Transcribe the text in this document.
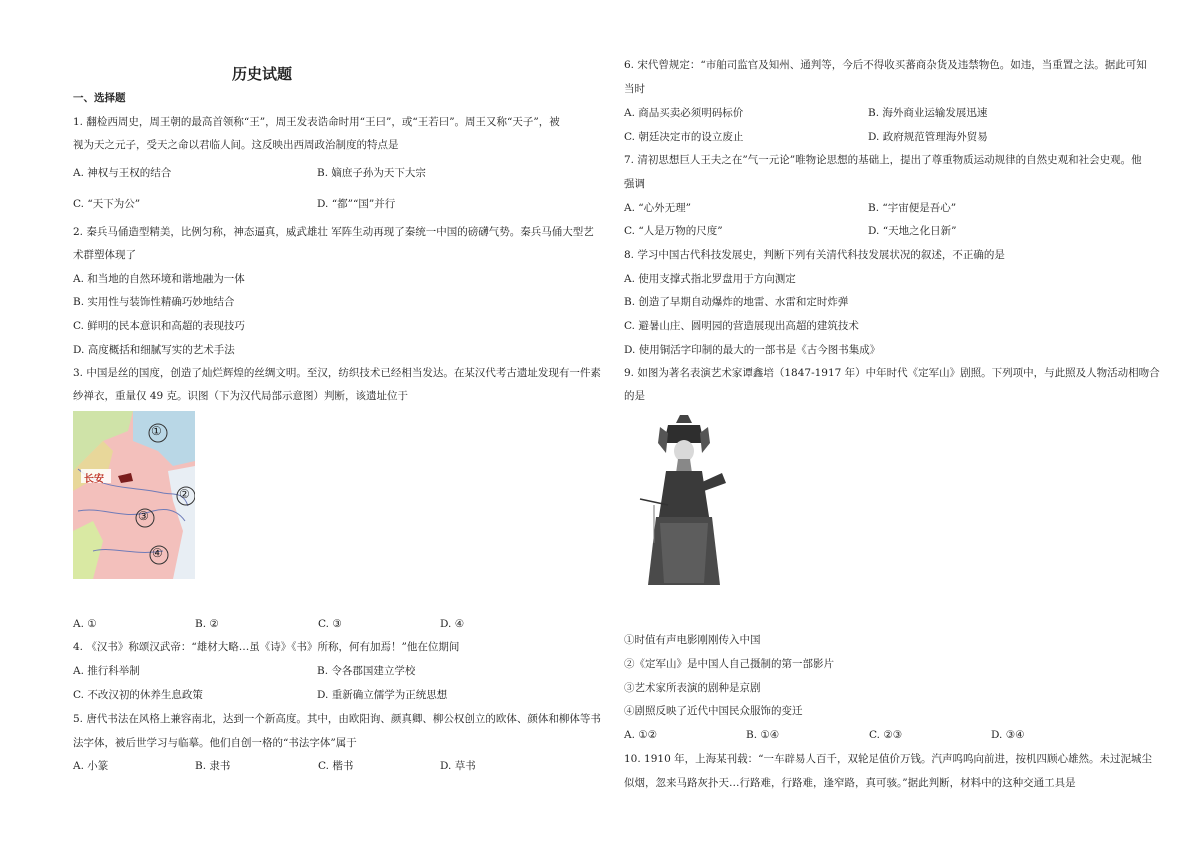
历史试题
一、选择题
1. 翻检西周史，周王朝的最高首领称“王”，周王发表诰命时用“王曰”，或“王若曰”。周王又称“天子”，被
视为天之元子，受天之命以君临人间。这反映出西周政治制度的特点是
A. 神权与王权的结合	B. 嫡庶子孙为天下大宗
C. “天下为公”	D. “都”“国”并行
2. 秦兵马俑造型精美，比例匀称，神态逼真，威武雄壮 军阵生动再现了秦统一中国的磅礴气势。秦兵马俑大型艺
术群塑体现了
A. 和当地的自然环境和谐地融为一体
B. 实用性与装饰性精确巧妙地结合
C. 鲜明的民本意识和高超的表现技巧
D. 高度概括和细腻写实的艺术手法
3. 中国是丝的国度，创造了灿烂辉煌的丝绸文明。至汉，纺织技术已经相当发达。在某汉代考古遗址发现有一件素
纱禅衣，重量仅 49 克。识图（下为汉代局部示意图）判断，该遗址位于
长安
①
②
③
④
A. ①	B. ②	C. ③	D. ④
4. 《汉书》称颂汉武帝：“雄材大略…虽《诗》《书》所称，何有加焉！”他在位期间
A. 推行科举制	B. 令各郡国建立学校
C. 不改汉初的休养生息政策	D. 重新确立儒学为正统思想
5. 唐代书法在风格上兼容南北，达到一个新高度。其中，由欧阳询、颜真卿、柳公权创立的欧体、颜体和柳体等书
法字体，被后世学习与临摹。他们自创一格的“书法字体”属于
A. 小篆	B. 隶书	C. 楷书	D. 草书
6. 宋代曾规定：“市舶司监官及知州、通判等，今后不得收买蕃商杂货及违禁物色。如违，当重置之法。据此可知
当时
A. 商品买卖必须明码标价	B. 海外商业运输发展迅速
C. 朝廷决定市的设立废止	D. 政府规范管理海外贸易
7. 清初思想巨人王夫之在”气一元论”唯物论思想的基础上，提出了尊重物质运动规律的自然史观和社会史观。他
强调
A. “心外无理”	B. “宇宙便是吾心”
C. “人是万物的尺度”	D. “天地之化日新”
8. 学习中国古代科技发展史，判断下列有关清代科技发展状况的叙述，不正确的是
A. 使用支撑式指北罗盘用于方向测定
B. 创造了早期自动爆炸的地雷、水雷和定时炸弹
C. 避暑山庄、圆明园的营造展现出高超的建筑技术
D. 使用铜活字印制的最大的一部书是《古今图书集成》
9. 如图为著名表演艺术家谭鑫培（1847-1917 年）中年时代《定军山》剧照。下列项中，与此照及人物活动相吻合
的是
①时值有声电影刚刚传入中国
②《定军山》是中国人自己摄制的第一部影片
③艺术家所表演的剧种是京剧
④剧照反映了近代中国民众服饰的变迁
A. ①②	B. ①④	C. ②③	D. ③④
10. 1910 年，上海某刊载：“一车辟易人百千，双轮足值价万钱。汽声呜呜向前进，按机四顾心雄然。未过泥城尘
似烟，忽来马路灰扑天…行路难，行路难，逢窄路，真可骇。”据此判断，材料中的这种交通工具是
